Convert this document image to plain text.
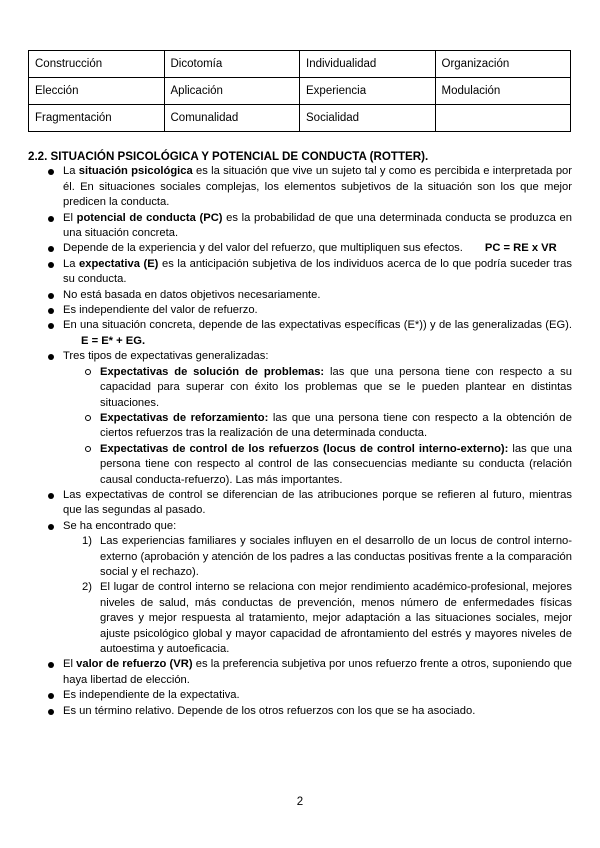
Construcción	Dicotomía	Individualidad	Organización
Elección	Aplicación	Experiencia	Modulación
Fragmentación	Comunalidad	Socialidad	
2.2. SITUACIÓN PSICOLÓGICA Y POTENCIAL DE CONDUCTA (ROTTER).
La situación psicológica es la situación que vive un sujeto tal y como es percibida e interpretada por él. En situaciones sociales complejas, los elementos subjetivos de la situación son los que mejor predicen la conducta.
El potencial de conducta (PC) es la probabilidad de que una determinada conducta se produzca en una situación concreta.
Depende de la experiencia y del valor del refuerzo, que multipliquen sus efectos. PC = RE x VR
La expectativa (E) es la anticipación subjetiva de los individuos acerca de lo que podría suceder tras su conducta.
No está basada en datos objetivos necesariamente.
Es independiente del valor de refuerzo.
En una situación concreta, depende de las expectativas específicas (E*)) y de las generalizadas (EG).E = E* + EG.
Tres tipos de expectativas generalizadas:
Expectativas de solución de problemas: las que una persona tiene con respecto a su capacidad para superar con éxito los problemas que se le pueden plantear en distintas situaciones.
Expectativas de reforzamiento: las que una persona tiene con respecto a la obtención de ciertos refuerzos tras la realización de una determinada conducta.
Expectativas de control de los refuerzos (locus de control interno-externo): las que una persona tiene con respecto al control de las consecuencias mediante su conducta (relación causal conducta-refuerzo). Las más importantes.
Las expectativas de control se diferencian de las atribuciones porque se refieren al futuro, mientras que las segundas al pasado.
Se ha encontrado que:
1) Las experiencias familiares y sociales influyen en el desarrollo de un locus de control interno-externo (aprobación y atención de los padres a las conductas positivas frente a la comparación social y el rechazo).
2) El lugar de control interno se relaciona con mejor rendimiento académico-profesional, mejores niveles de salud, más conductas de prevención, menos número de enfermedades físicas graves y mejor respuesta al tratamiento, mejor adaptación a las situaciones sociales, mejor ajuste psicológico global y mayor capacidad de afrontamiento del estrés y mayores niveles de autoestima y autoeficacia.
El valor de refuerzo (VR) es la preferencia subjetiva por unos refuerzo frente a otros, suponiendo que haya libertad de elección.
Es independiente de la expectativa.
Es un término relativo. Depende de los otros refuerzos con los que se ha asociado.
2
